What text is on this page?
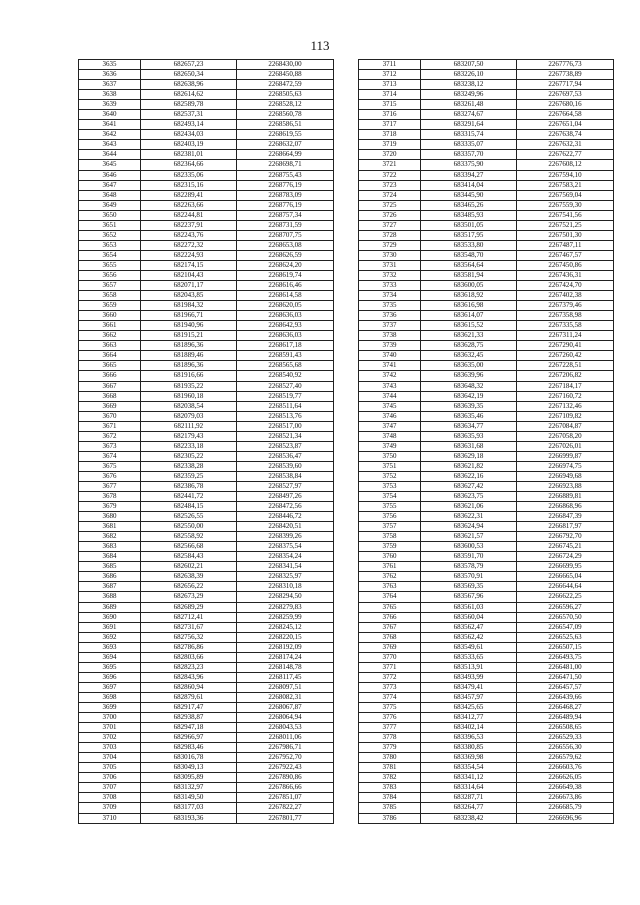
113
3635	682657,23	2268430,00
3636	682650,34	2268450,88
3637	682638,96	2268472,59
3638	682614,62	2268505,63
3639	682589,78	2268528,12
3640	682537,31	2268560,78
3641	682493,14	2268586,51
3642	682434,03	2268619,55
3643	682403,19	2268632,07
3644	682381,01	2268664,99
3645	682364,66	2268698,71
3646	682335,06	2268755,43
3647	682315,16	2268776,19
3648	682289,41	2268783,09
3649	682263,66	2268776,19
3650	682244,81	2268757,34
3651	682237,91	2268731,59
3652	682243,76	2268707,75
3653	682272,32	2268653,08
3654	682224,93	2268626,59
3655	682174,15	2268624,20
3656	682104,43	2268619,74
3657	682071,17	2268616,46
3658	682043,85	2268614,58
3659	681984,32	2268620,05
3660	681966,71	2268636,03
3661	681940,96	2268642,93
3662	681915,21	2268636,03
3663	681896,36	2268617,18
3664	681889,46	2268591,43
3665	681896,36	2268565,68
3666	681916,66	2268540,92
3667	681935,22	2268527,40
3668	681960,18	2268519,77
3669	682038,54	2268511,64
3670	682079,03	2268513,76
3671	682111,92	2268517,00
3672	682179,43	2268521,34
3673	682233,18	2268523,87
3674	682305,22	2268536,47
3675	682338,28	2268539,60
3676	682359,25	2268538,84
3677	682386,78	2268527,97
3678	682441,72	2268497,26
3679	682484,15	2268472,56
3680	682526,55	2268446,72
3681	682550,00	2268420,51
3682	682558,92	2268399,26
3683	682566,68	2268375,54
3684	682584,43	2268354,24
3685	682602,21	2268341,54
3686	682638,39	2268325,97
3687	682656,22	2268310,18
3688	682673,29	2268294,50
3689	682689,29	2268279,83
3690	682712,41	2268259,99
3691	682731,67	2268245,12
3692	682756,32	2268220,15
3693	682786,86	2268192,09
3694	682803,66	2268174,24
3695	682823,23	2268148,78
3696	682843,96	2268117,45
3697	682860,94	2268097,51
3698	682879,61	2268082,31
3699	682917,47	2268067,87
3700	682938,87	2268064,94
3701	682947,18	2268043,53
3702	682966,97	2268011,06
3703	682983,46	2267986,71
3704	683016,78	2267952,70
3705	683049,13	2267922,43
3706	683095,89	2267890,86
3707	683132,97	2267866,66
3708	683149,50	2267851,07
3709	683177,03	2267822,27
3710	683193,36	2267801,77
3711	683207,50	2267776,73
3712	683226,10	2267738,89
3713	683238,12	2267717,94
3714	683249,96	2267697,53
3715	683261,48	2267680,16
3716	683274,67	2267664,58
3717	683291,64	2267651,04
3718	683315,74	2267638,74
3719	683335,07	2267632,31
3720	683357,70	2267622,77
3721	683375,90	2267608,12
3722	683394,27	2267594,10
3723	683414,04	2267583,21
3724	683445,90	2267569,04
3725	683465,26	2267559,30
3726	683485,93	2267541,56
3727	683501,05	2267521,25
3728	683517,95	2267501,30
3729	683533,80	2267487,11
3730	683548,70	2267467,57
3731	683564,64	2267450,86
3732	683581,94	2267436,31
3733	683600,05	2267424,70
3734	683618,92	2267402,38
3735	683616,98	2267379,46
3736	683614,07	2267358,98
3737	683615,52	2267335,58
3738	683621,33	2267311,24
3739	683628,75	2267290,41
3740	683632,45	2267260,42
3741	683635,00	2267228,51
3742	683639,96	2267206,82
3743	683648,32	2267184,17
3744	683642,19	2267160,72
3745	683639,35	2267132,46
3746	683635,46	2267109,82
3747	683634,77	2267084,87
3748	683635,93	2267058,20
3749	683631,68	2267026,01
3750	683629,18	2266999,87
3751	683621,82	2266974,75
3752	683622,16	2266949,68
3753	683627,42	2266923,88
3754	683623,75	2266889,81
3755	683621,06	2266868,96
3756	683622,31	2266847,39
3757	683624,94	2266817,97
3758	683621,57	2266792,70
3759	683600,53	2266745,21
3760	683591,70	2266724,29
3761	683578,79	2266699,95
3762	683570,91	2266665,04
3763	683569,35	2266644,64
3764	683567,96	2266622,25
3765	683561,03	2266596,27
3766	683560,04	2266570,50
3767	683562,47	2266547,09
3768	683562,42	2266525,63
3769	683549,61	2266507,15
3770	683533,65	2266493,75
3771	683513,91	2266481,00
3772	683493,99	2266471,50
3773	683479,41	2266457,57
3774	683457,97	2266439,66
3775	683425,65	2266468,27
3776	683412,77	2266489,94
3777	683402,14	2266508,65
3778	683396,53	2266529,33
3779	683380,85	2266556,30
3780	683369,98	2266579,62
3781	683354,54	2266603,76
3782	683341,12	2266626,05
3783	683314,64	2266649,38
3784	683287,71	2266673,86
3785	683264,77	2266685,79
3786	683238,42	2266696,96
